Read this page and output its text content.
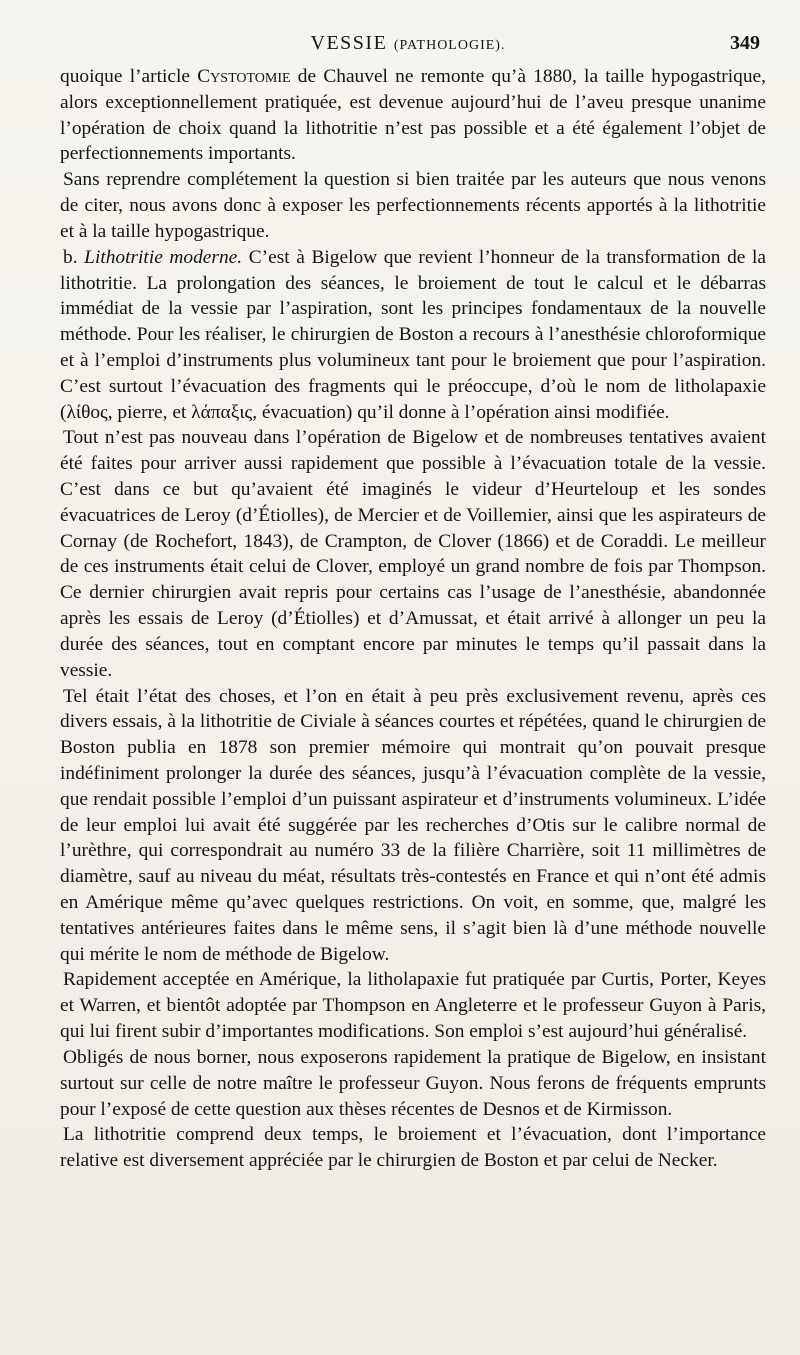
VESSIE (PATHOLOGIE).	349

quoique l’article Cystotomie de Chauvel ne remonte qu’à 1880, la taille hypogastrique, alors exceptionnellement pratiquée, est devenue aujourd’hui de l’aveu presque unanime l’opération de choix quand la lithotritie n’est pas possible et a été également l’objet de perfectionnements importants.

Sans reprendre complétement la question si bien traitée par les auteurs que nous venons de citer, nous avons donc à exposer les perfectionnements récents apportés à la lithotritie et à la taille hypogastrique.

b. Lithotritie moderne. C’est à Bigelow que revient l’honneur de la transformation de la lithotritie. La prolongation des séances, le broiement de tout le calcul et le débarras immédiat de la vessie par l’aspiration, sont les principes fondamentaux de la nouvelle méthode. Pour les réaliser, le chirurgien de Boston a recours à l’anesthésie chloroformique et à l’emploi d’instruments plus volumineux tant pour le broiement que pour l’aspiration. C’est surtout l’évacuation des fragments qui le préoccupe, d’où le nom de litholapaxie (λίθος, pierre, et λάπαξις, évacuation) qu’il donne à l’opération ainsi modifiée.

Tout n’est pas nouveau dans l’opération de Bigelow et de nombreuses tentatives avaient été faites pour arriver aussi rapidement que possible à l’évacuation totale de la vessie. C’est dans ce but qu’avaient été imaginés le videur d’Heurteloup et les sondes évacuatrices de Leroy (d’Étiolles), de Mercier et de Voillemier, ainsi que les aspirateurs de Cornay (de Rochefort, 1843), de Crampton, de Clover (1866) et de Coraddi. Le meilleur de ces instruments était celui de Clover, employé un grand nombre de fois par Thompson. Ce dernier chirurgien avait repris pour certains cas l’usage de l’anesthésie, abandonnée après les essais de Leroy (d’Étiolles) et d’Amussat, et était arrivé à allonger un peu la durée des séances, tout en comptant encore par minutes le temps qu’il passait dans la vessie.

Tel était l’état des choses, et l’on en était à peu près exclusivement revenu, après ces divers essais, à la lithotritie de Civiale à séances courtes et répétées, quand le chirurgien de Boston publia en 1878 son premier mémoire qui montrait qu’on pouvait presque indéfiniment prolonger la durée des séances, jusqu’à l’évacuation complète de la vessie, que rendait possible l’emploi d’un puissant aspirateur et d’instruments volumineux. L’idée de leur emploi lui avait été suggérée par les recherches d’Otis sur le calibre normal de l’urèthre, qui correspondrait au numéro 33 de la filière Charrière, soit 11 millimètres de diamètre, sauf au niveau du méat, résultats très-contestés en France et qui n’ont été admis en Amérique même qu’avec quelques restrictions. On voit, en somme, que, malgré les tentatives antérieures faites dans le même sens, il s’agit bien là d’une méthode nouvelle qui mérite le nom de méthode de Bigelow.

Rapidement acceptée en Amérique, la litholapaxie fut pratiquée par Curtis, Porter, Keyes et Warren, et bientôt adoptée par Thompson en Angleterre et le professeur Guyon à Paris, qui lui firent subir d’importantes modifications. Son emploi s’est aujourd’hui généralisé.

Obligés de nous borner, nous exposerons rapidement la pratique de Bigelow, en insistant surtout sur celle de notre maître le professeur Guyon. Nous ferons de fréquents emprunts pour l’exposé de cette question aux thèses récentes de Desnos et de Kirmisson.

La lithotritie comprend deux temps, le broiement et l’évacuation, dont l’importance relative est diversement appréciée par le chirurgien de Boston et par celui de Necker.
